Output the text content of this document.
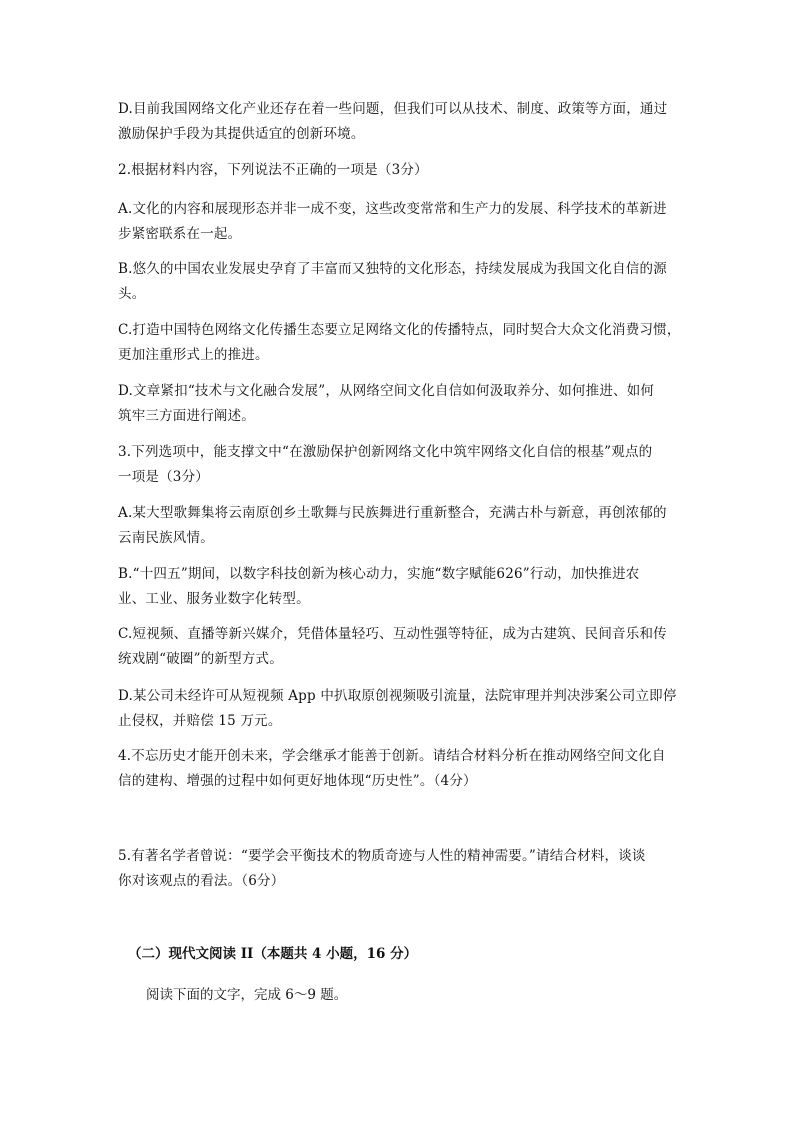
D.目前我国网络文化产业还存在着一些问题，但我们可以从技术、制度、政策等方面，通过
激励保护手段为其提供适宜的创新环境。

2.根据材料内容，下列说法不正确的一项是（3分）

A.文化的内容和展现形态并非一成不变，这些改变常常和生产力的发展、科学技术的革新进
步紧密联系在一起。

B.悠久的中国农业发展史孕育了丰富而又独特的文化形态，持续发展成为我国文化自信的源
头。

C.打造中国特色网络文化传播生态要立足网络文化的传播特点，同时契合大众文化消费习惯，
更加注重形式上的推进。

D.文章紧扣“技术与文化融合发展”，从网络空间文化自信如何汲取养分、如何推进、如何
筑牢三方面进行阐述。

3.下列选项中，能支撑文中“在激励保护创新网络文化中筑牢网络文化自信的根基”观点的
一项是（3分）

A.某大型歌舞集将云南原创乡土歌舞与民族舞进行重新整合，充满古朴与新意，再创浓郁的
云南民族风情。

B.“十四五”期间，以数字科技创新为核心动力，实施“数字赋能626”行动，加快推进农
业、工业、服务业数字化转型。

C.短视频、直播等新兴媒介，凭借体量轻巧、互动性强等特征，成为古建筑、民间音乐和传
统戏剧“破圈”的新型方式。

D.某公司未经许可从短视频 App 中扒取原创视频吸引流量，法院审理并判决涉案公司立即停
止侵权，并赔偿 15 万元。

4.不忘历史才能开创未来，学会继承才能善于创新。请结合材料分析在推动网络空间文化自
信的建构、增强的过程中如何更好地体现“历史性”。（4分）

5.有著名学者曾说：“要学会平衡技术的物质奇迹与人性的精神需要。”请结合材料，谈谈
你对该观点的看法。（6分）

（二）现代文阅读 II（本题共 4 小题，16 分）
阅读下面的文字，完成 6～9 题。
